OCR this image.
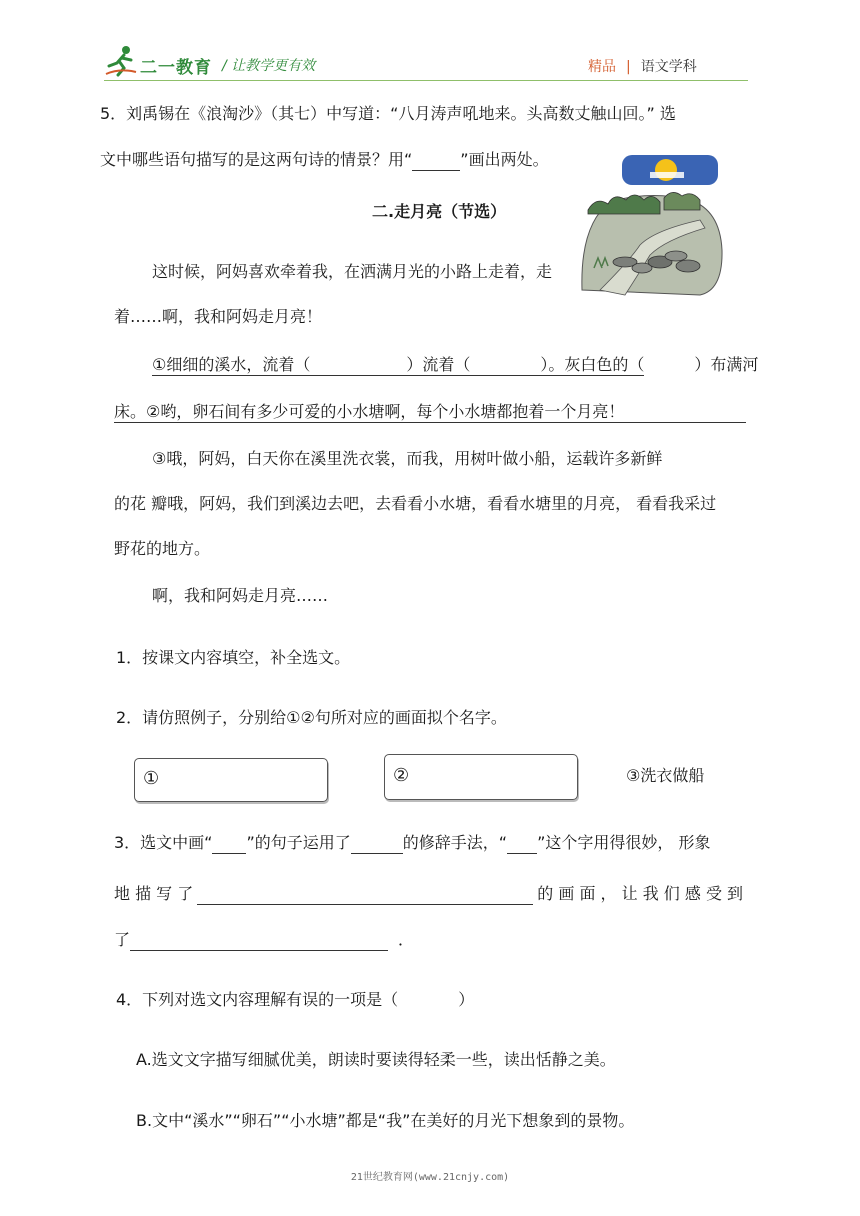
二一教育 / 让教学更有效	精品 | 语文学科
5．刘禹锡在《浪淘沙》（其七）中写道：“八月涛声吼地来。头高数丈触山回。” 选
文中哪些语句描写的是这两句诗的情景？用“	”画出两处。
二.走月亮（节选）
这时候，阿妈喜欢牵着我，在洒满月光的小路上走着，走
着……啊，我和阿妈走月亮！
①细细的溪水，流着（	）流着（	）。灰白色的（	）布满河
床。②哟，卵石间有多少可爱的小水塘啊，每个小水塘都抱着一个月亮！
③哦，阿妈，白天你在溪里洗衣裳，而我，用树叶做小船，运载许多新鲜
的花 瓣哦，阿妈，我们到溪边去吧，去看看小水塘，看看水塘里的月亮， 看看我采过
野花的地方。
啊，我和阿妈走月亮……
1．按课文内容填空，补全选文。
2．请仿照例子，分别给①②句所对应的画面拟个名字。
①	②	③洗衣做船
3．选文中画“ ”的句子运用了	的修辞手法，“ ”这个字用得很妙， 形象
地 描 写 了	的 画 面 ， 让 我 们 感 受 到
了	．
4．下列对选文内容理解有误的一项是（	）
A.选文文字描写细腻优美，朗读时要读得轻柔一些，读出恬静之美。
B.文中“溪水”“卵石”“小水塘”都是“我”在美好的月光下想象到的景物。
21世纪教育网(www.21cnjy.com)
